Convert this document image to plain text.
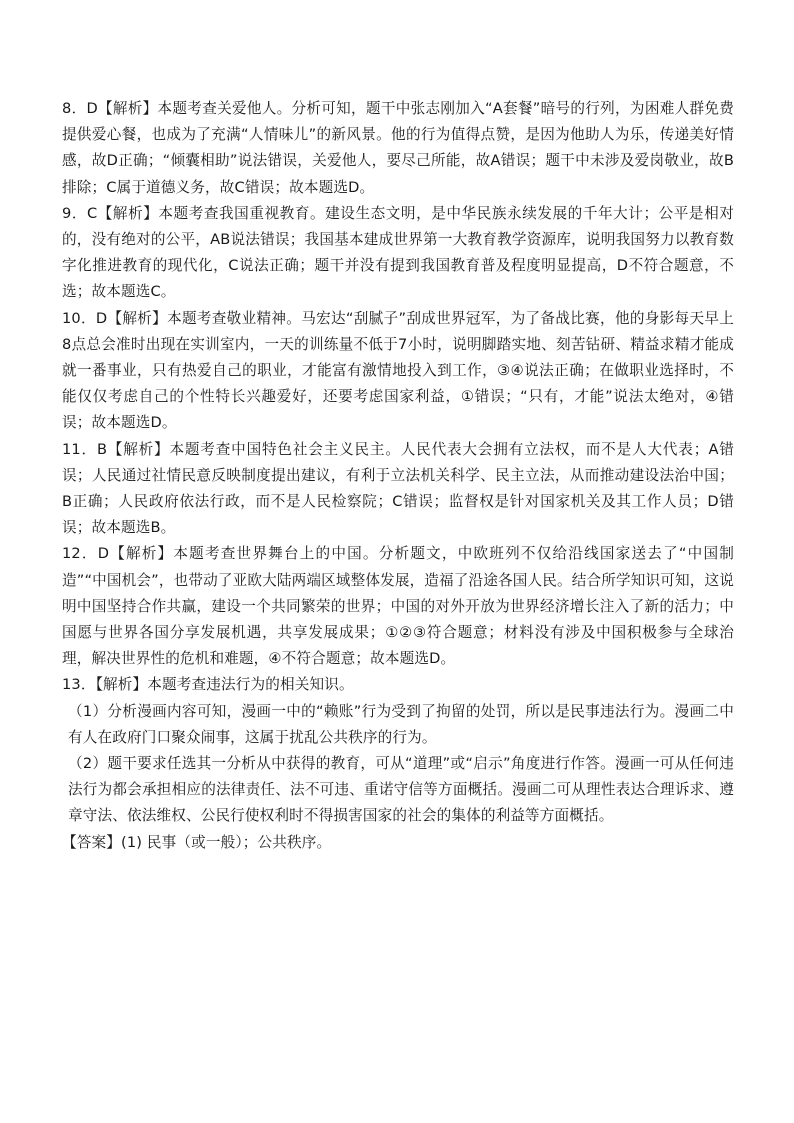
8．D【解析】本题考查关爱他人。分析可知，题干中张志刚加入“A套餐”暗号的行列，为困难人群免费提供爱心餐，也成为了充满“人情味儿”的新风景。他的行为值得点赞，是因为他助人为乐，传递美好情感，故D正确；“倾囊相助”说法错误，关爱他人，要尽己所能，故A错误；题干中未涉及爱岗敬业，故B排除；C属于道德义务，故C错误；故本题选D。

9．C【解析】本题考查我国重视教育。建设生态文明，是中华民族永续发展的千年大计；公平是相对的，没有绝对的公平，AB说法错误；我国基本建成世界第一大教育教学资源库，说明我国努力以教育数字化推进教育的现代化，C说法正确；题干并没有提到我国教育普及程度明显提高，D不符合题意，不选；故本题选C。

10．D【解析】本题考查敬业精神。马宏达“刮腻子”刮成世界冠军，为了备战比赛，他的身影每天早上8点总会准时出现在实训室内，一天的训练量不低于7小时，说明脚踏实地、刻苦钻研、精益求精才能成就一番事业，只有热爱自己的职业，才能富有激情地投入到工作，③④说法正确；在做职业选择时，不能仅仅考虑自己的个性特长兴趣爱好，还要考虑国家利益，①错误；“只有，才能”说法太绝对，④错误；故本题选D。

11．B【解析】本题考查中国特色社会主义民主。人民代表大会拥有立法权，而不是人大代表；A错误；人民通过社情民意反映制度提出建议，有利于立法机关科学、民主立法，从而推动建设法治中国；B正确；人民政府依法行政，而不是人民检察院；C错误；监督权是针对国家机关及其工作人员；D错误；故本题选B。

12．D【解析】本题考查世界舞台上的中国。分析题文，中欧班列不仅给沿线国家送去了“中国制造”“中国机会”，也带动了亚欧大陆两端区域整体发展，造福了沿途各国人民。结合所学知识可知，这说明中国坚持合作共赢，建设一个共同繁荣的世界；中国的对外开放为世界经济增长注入了新的活力；中国愿与世界各国分享发展机遇，共享发展成果；①②③符合题意；材料没有涉及中国积极参与全球治理，解决世界性的危机和难题，④不符合题意；故本题选D。

13．【解析】本题考查违法行为的相关知识。

（1）分析漫画内容可知，漫画一中的“赖账”行为受到了拘留的处罚，所以是民事违法行为。漫画二中有人在政府门口聚众闹事，这属于扰乱公共秩序的行为。

（2）题干要求任选其一分析从中获得的教育，可从“道理”或“启示”角度进行作答。漫画一可从任何违法行为都会承担相应的法律责任、法不可违、重诺守信等方面概括。漫画二可从理性表达合理诉求、遵章守法、依法维权、公民行使权利时不得损害国家的社会的集体的利益等方面概括。

【答案】(1) 民事（或一般）；公共秩序。
